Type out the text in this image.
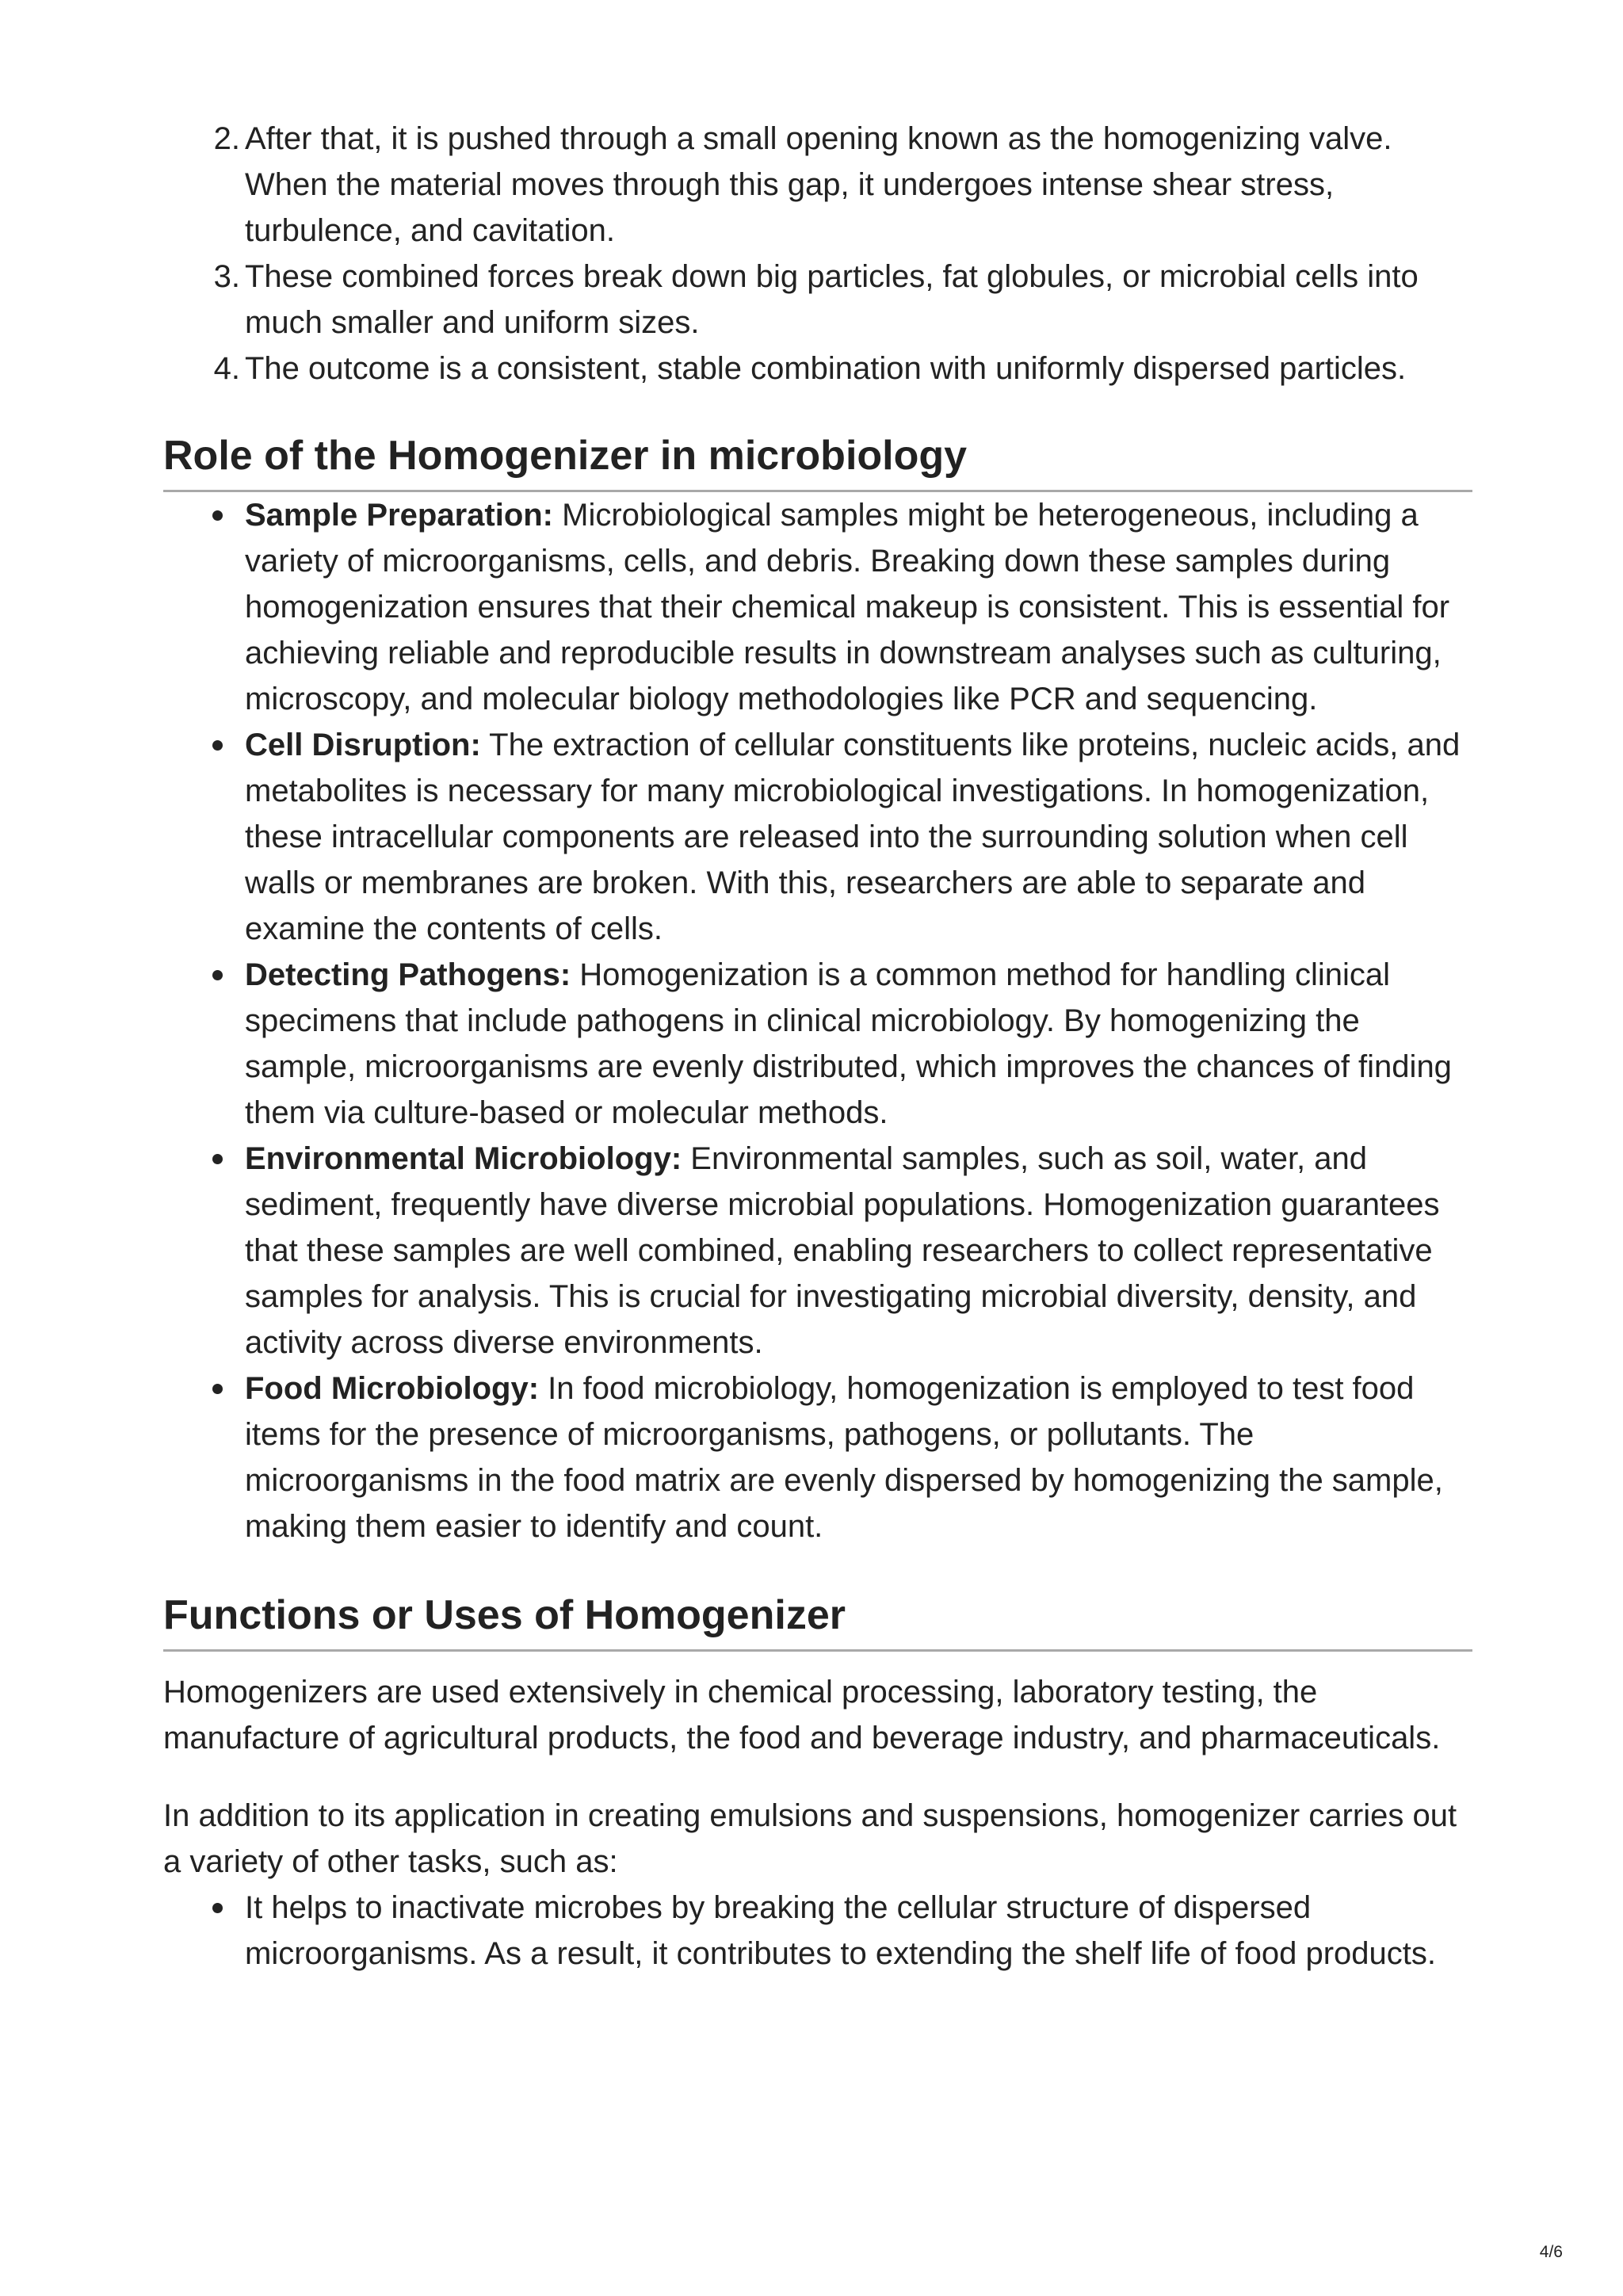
2. After that, it is pushed through a small opening known as the homogenizing valve. When the material moves through this gap, it undergoes intense shear stress, turbulence, and cavitation.
3. These combined forces break down big particles, fat globules, or microbial cells into much smaller and uniform sizes.
4. The outcome is a consistent, stable combination with uniformly dispersed particles.
Role of the Homogenizer in microbiology
Sample Preparation: Microbiological samples might be heterogeneous, including a variety of microorganisms, cells, and debris. Breaking down these samples during homogenization ensures that their chemical makeup is consistent. This is essential for achieving reliable and reproducible results in downstream analyses such as culturing, microscopy, and molecular biology methodologies like PCR and sequencing.
Cell Disruption: The extraction of cellular constituents like proteins, nucleic acids, and metabolites is necessary for many microbiological investigations. In homogenization, these intracellular components are released into the surrounding solution when cell walls or membranes are broken. With this, researchers are able to separate and examine the contents of cells.
Detecting Pathogens: Homogenization is a common method for handling clinical specimens that include pathogens in clinical microbiology. By homogenizing the sample, microorganisms are evenly distributed, which improves the chances of finding them via culture-based or molecular methods.
Environmental Microbiology: Environmental samples, such as soil, water, and sediment, frequently have diverse microbial populations. Homogenization guarantees that these samples are well combined, enabling researchers to collect representative samples for analysis. This is crucial for investigating microbial diversity, density, and activity across diverse environments.
Food Microbiology: In food microbiology, homogenization is employed to test food items for the presence of microorganisms, pathogens, or pollutants. The microorganisms in the food matrix are evenly dispersed by homogenizing the sample, making them easier to identify and count.
Functions or Uses of Homogenizer

Homogenizers are used extensively in chemical processing, laboratory testing, the manufacture of agricultural products, the food and beverage industry, and pharmaceuticals.

In addition to its application in creating emulsions and suspensions, homogenizer carries out a variety of other tasks, such as:

It helps to inactivate microbes by breaking the cellular structure of dispersed microorganisms. As a result, it contributes to extending the shelf life of food products.
4/6
